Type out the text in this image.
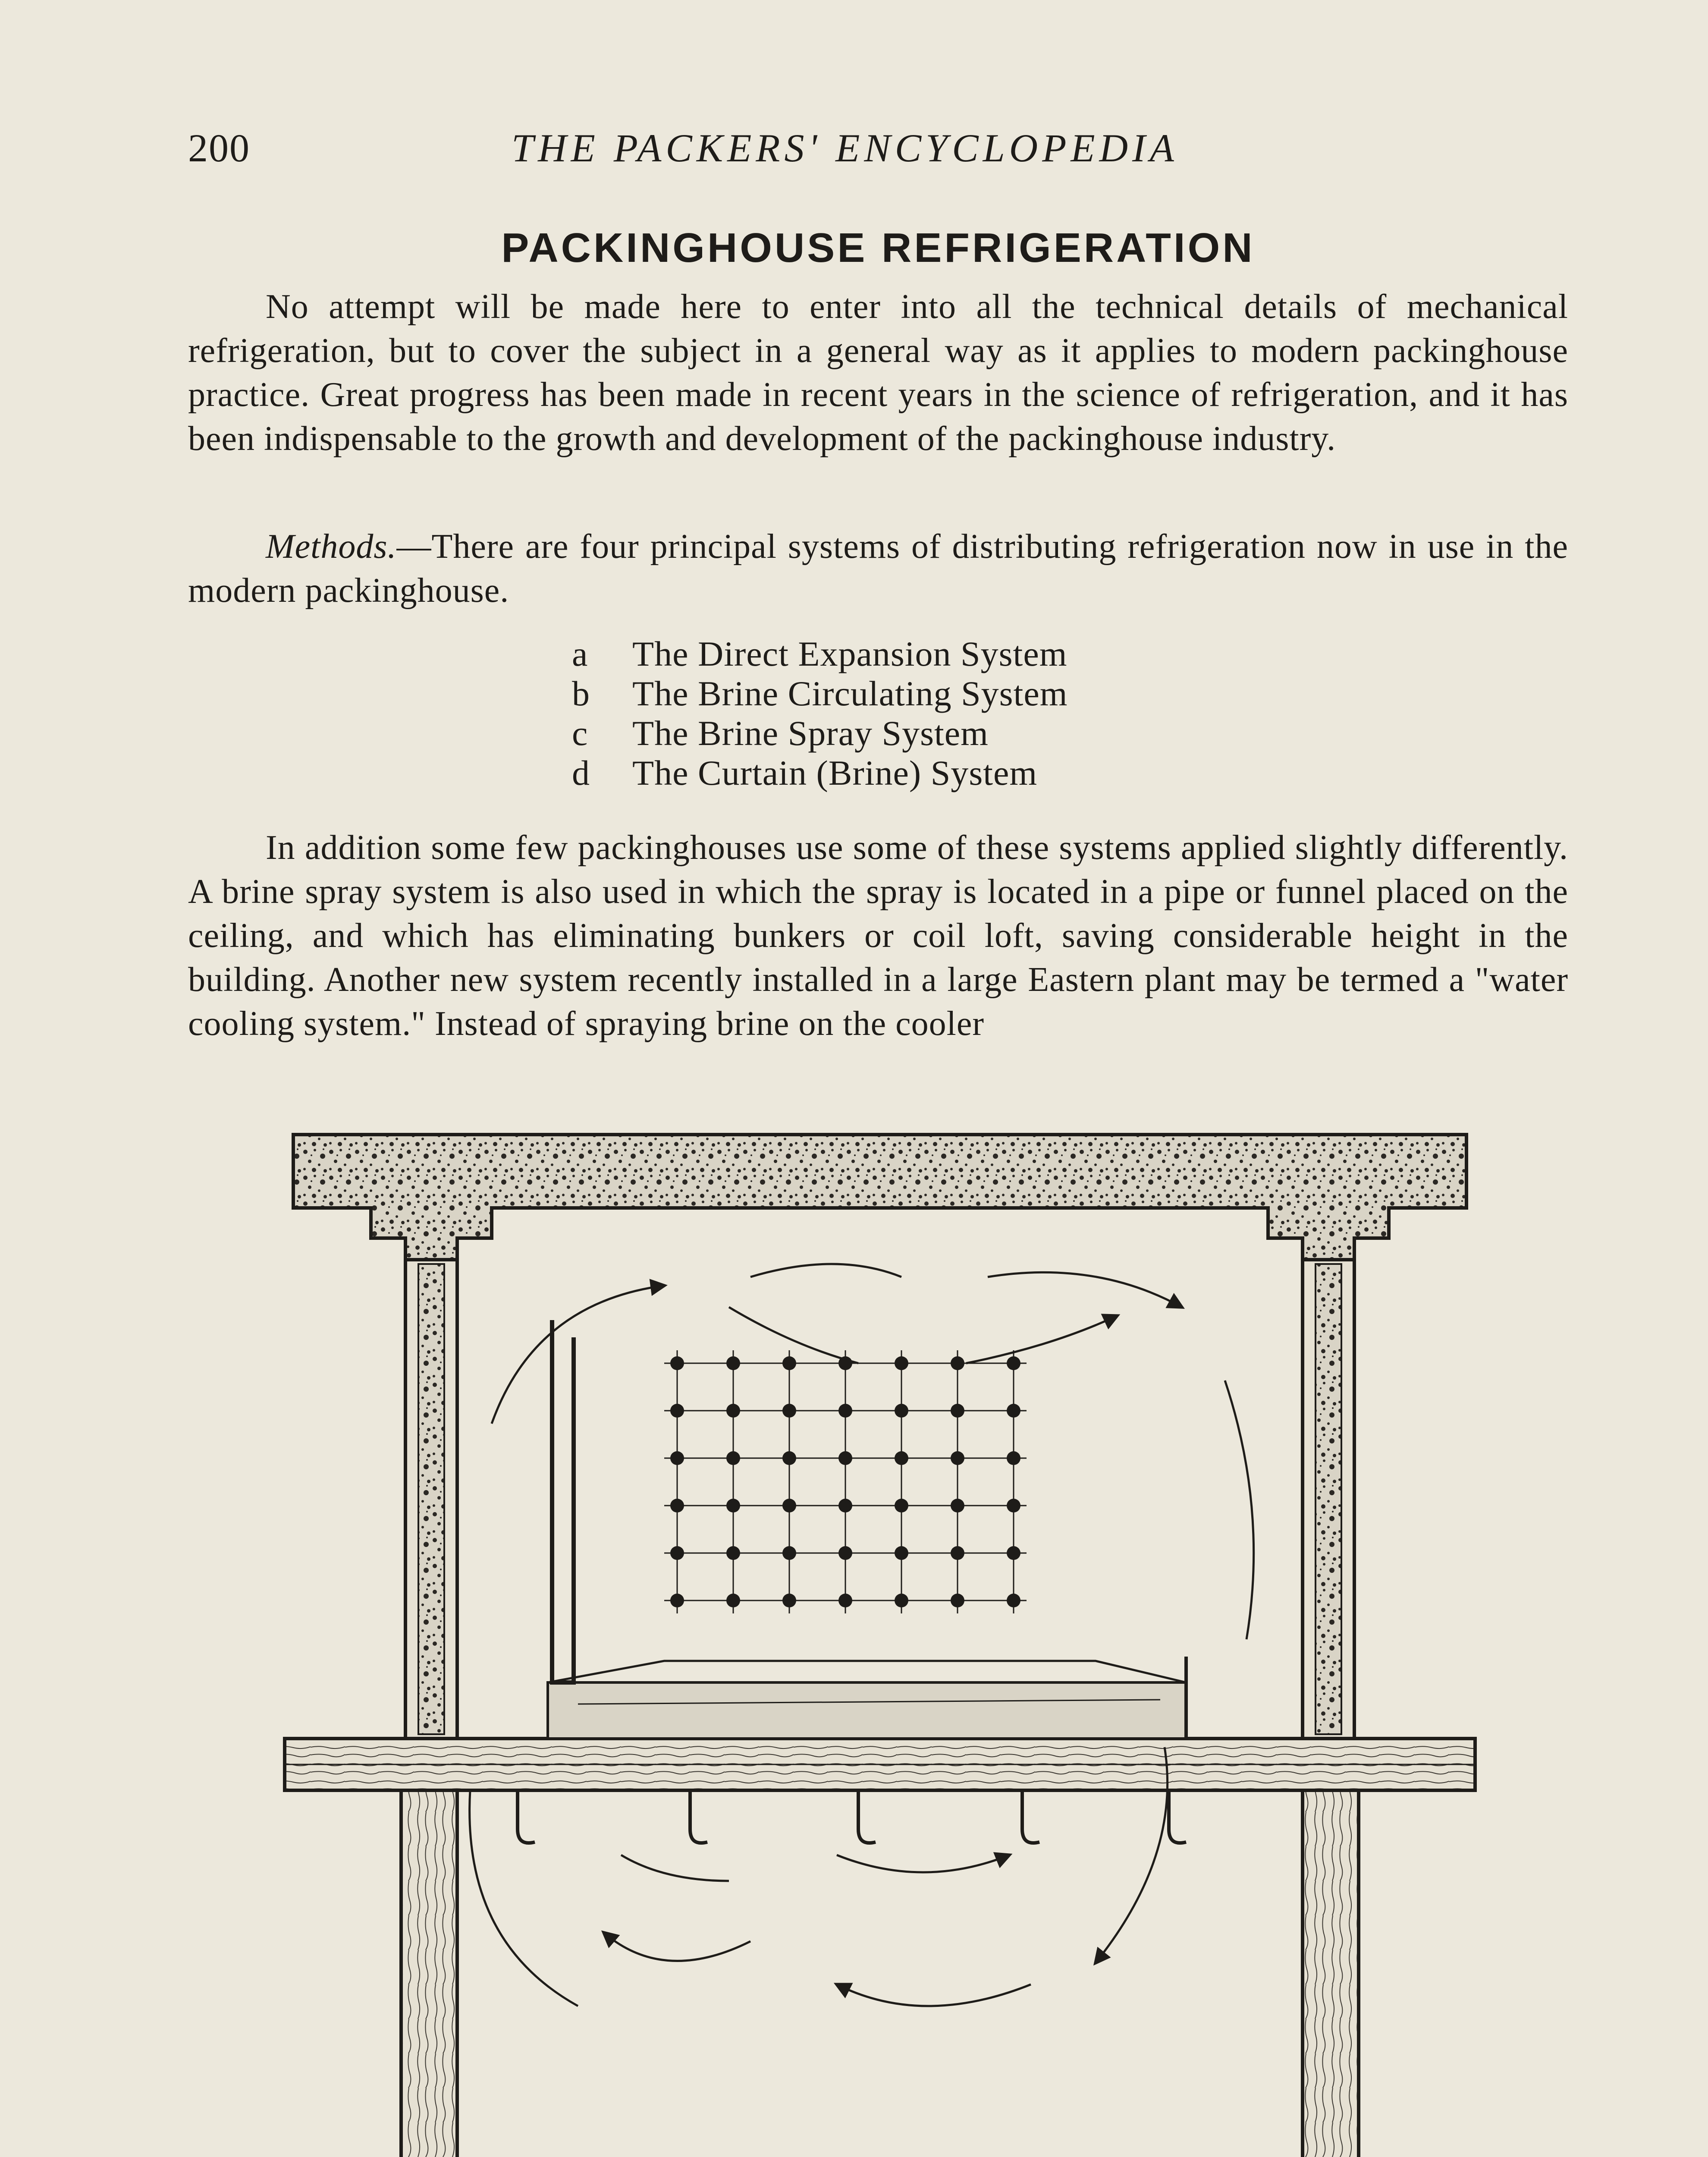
200	THE PACKERS' ENCYCLOPEDIA
PACKINGHOUSE REFRIGERATION

No attempt will be made here to enter into all the technical details of mechanical refrigeration, but to cover the subject in a general way as it applies to modern packinghouse practice. Great progress has been made in recent years in the science of refrigeration, and it has been indispensable to the growth and development of the packinghouse industry.

Methods.—There are four principal systems of distributing refrigeration now in use in the modern packinghouse.

a	The Direct Expansion System
b	The Brine Circulating System
c	The Brine Spray System
d	The Curtain (Brine) System

In addition some few packinghouses use some of these systems applied slightly differently. A brine spray system is also used in which the spray is located in a pipe or funnel placed on the ceiling, and which has eliminating bunkers or coil loft, saving considerable height in the building. Another new system recently installed in a large Eastern plant may be termed a "water cooling system." Instead of spraying brine on the cooler
